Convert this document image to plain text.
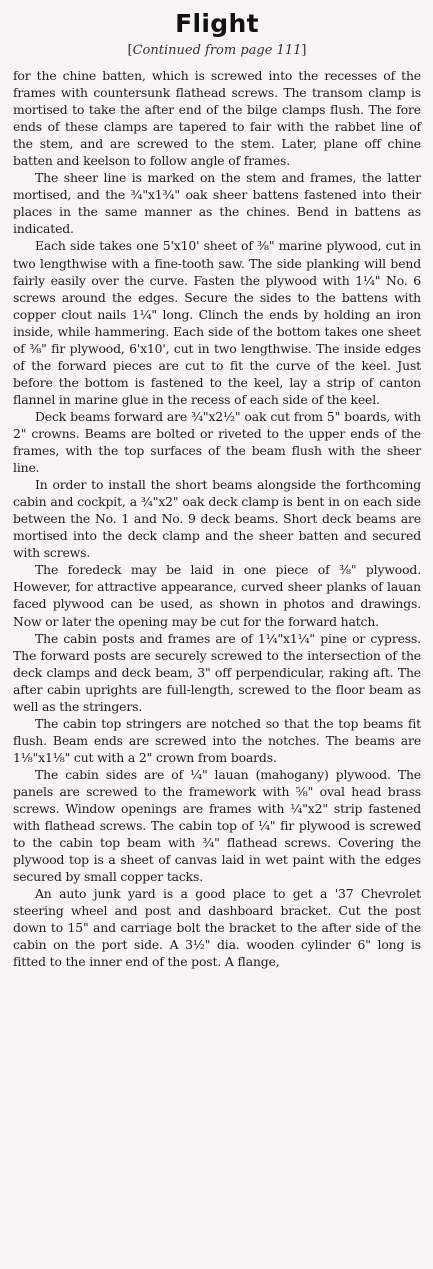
Flight
[Continued from page 111]

for the chine batten, which is screwed into the recesses of the frames with countersunk flathead screws. The transom clamp is mortised to take the after end of the bilge clamps flush. The fore ends of these clamps are tapered to fair with the rabbet line of the stem, and are screwed to the stem. Later, plane off chine batten and keelson to follow angle of frames.

The sheer line is marked on the stem and frames, the latter mortised, and the ¾"x1¾" oak sheer battens fastened into their places in the same manner as the chines. Bend in battens as indicated.

Each side takes one 5'x10' sheet of ⅜" marine plywood, cut in two lengthwise with a fine-tooth saw. The side planking will bend fairly easily over the curve. Fasten the plywood with 1¼" No. 6 screws around the edges. Secure the sides to the battens with copper clout nails 1¼" long. Clinch the ends by holding an iron inside, while hammering. Each side of the bottom takes one sheet of ⅜" fir plywood, 6'x10', cut in two lengthwise. The inside edges of the forward pieces are cut to fit the curve of the keel. Just before the bottom is fastened to the keel, lay a strip of canton flannel in marine glue in the recess of each side of the keel.

Deck beams forward are ¾"x2½" oak cut from 5" boards, with 2" crowns. Beams are bolted or riveted to the upper ends of the frames, with the top surfaces of the beam flush with the sheer line.

In order to install the short beams alongside the forthcoming cabin and cockpit, a ¾"x2" oak deck clamp is bent in on each side between the No. 1 and No. 9 deck beams. Short deck beams are mortised into the deck clamp and the sheer batten and secured with screws.

The foredeck may be laid in one piece of ⅜" plywood. However, for attractive appearance, curved sheer planks of lauan faced plywood can be used, as shown in photos and drawings. Now or later the opening may be cut for the forward hatch.

The cabin posts and frames are of 1¼"x1¼" pine or cypress. The forward posts are securely screwed to the intersection of the deck clamps and deck beam, 3" off perpendicular, raking aft. The after cabin uprights are full-length, screwed to the floor beam as well as the stringers.

The cabin top stringers are notched so that the top beams fit flush. Beam ends are screwed into the notches. The beams are 1⅛"x1⅛" cut with a 2" crown from boards.

The cabin sides are of ¼" lauan (mahogany) plywood. The panels are screwed to the framework with ⅝" oval head brass screws. Window openings are frames with ¼"x2" strip fastened with flathead screws. The cabin top of ¼" fir plywood is screwed to the cabin top beam with ¾" flathead screws. Covering the plywood top is a sheet of canvas laid in wet paint with the edges secured by small copper tacks.

An auto junk yard is a good place to get a '37 Chevrolet steering wheel and post and dashboard bracket. Cut the post down to 15" and carriage bolt the bracket to the after side of the cabin on the port side. A 3½" dia. wooden cylinder 6" long is fitted to the inner end of the post. A flange,
